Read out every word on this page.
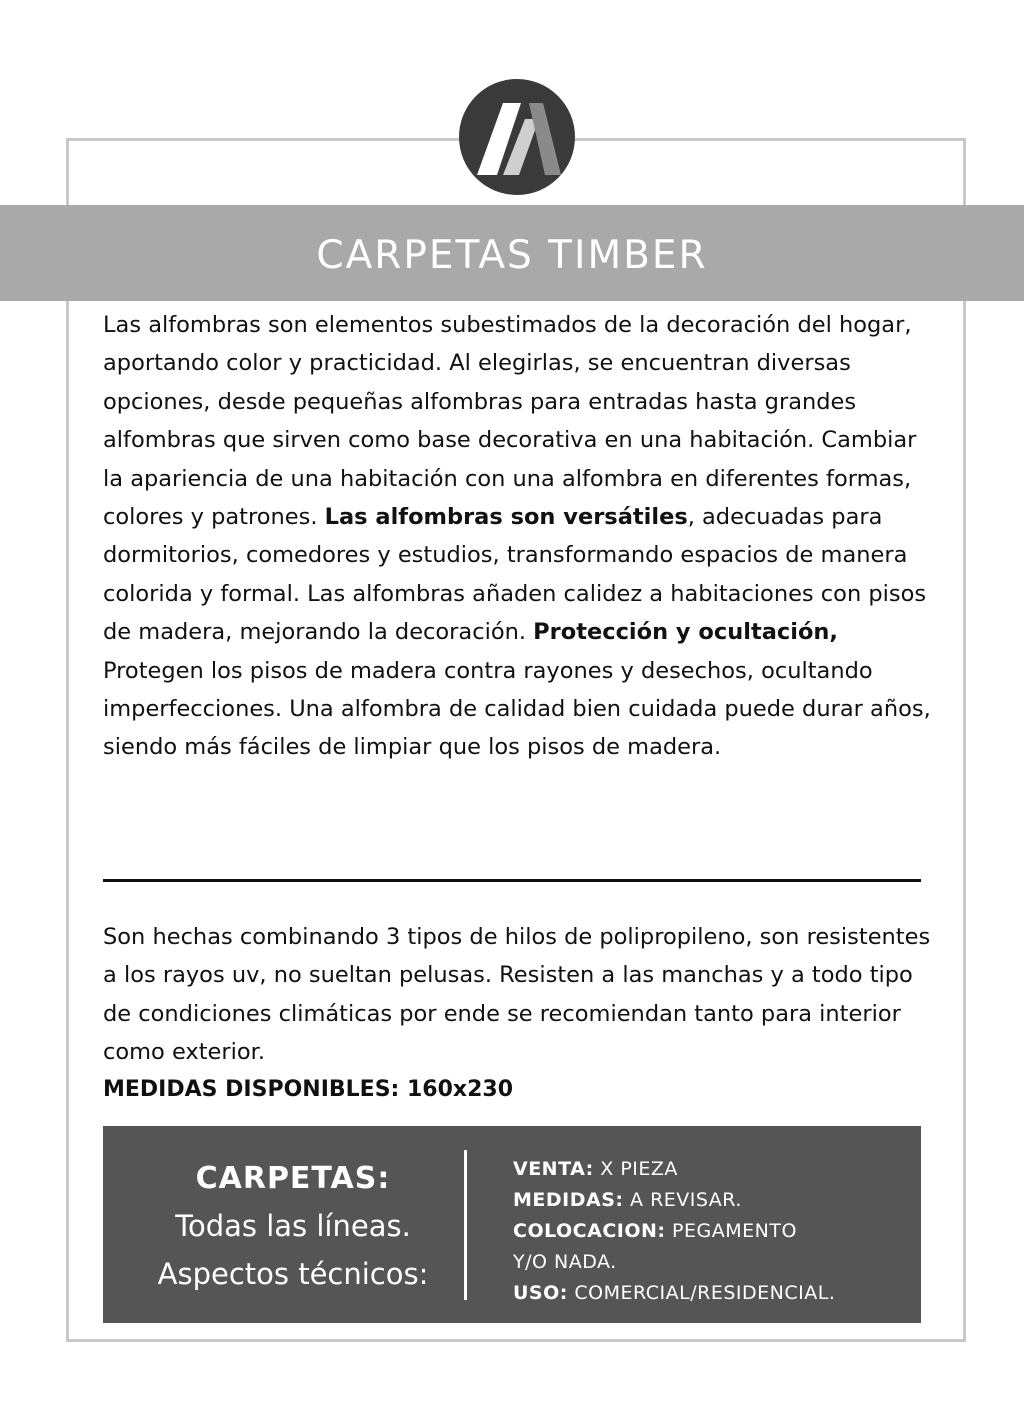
CARPETAS TIMBER

Las alfombras son elementos subestimados de la decoración del hogar, aportando color y practicidad. Al elegirlas, se encuentran diversas opciones, desde pequeñas alfombras para entradas hasta grandes alfombras que sirven como base decorativa en una habitación. Cambiar la apariencia de una habitación con una alfombra en diferentes formas, colores y patrones. Las alfombras son versátiles, adecuadas para dormitorios, comedores y estudios, transformando espacios de manera colorida y formal. Las alfombras añaden calidez a habitaciones con pisos de madera, mejorando la decoración. Protección y ocultación, Protegen los pisos de madera contra rayones y desechos, ocultando imperfecciones. Una alfombra de calidad bien cuidada puede durar años, siendo más fáciles de limpiar que los pisos de madera.

Son hechas combinando 3 tipos de hilos de polipropileno, son resistentes a los rayos uv, no sueltan pelusas. Resisten a las manchas y a todo tipo de condiciones climáticas por ende se recomiendan tanto para interior como exterior.

MEDIDAS DISPONIBLES: 160x230

CARPETAS:
Todas las líneas.
Aspectos técnicos:
VENTA: X PIEZA
MEDIDAS: A REVISAR.
COLOCACION: PEGAMENTO
Y/O NADA.
USO: COMERCIAL/RESIDENCIAL.
